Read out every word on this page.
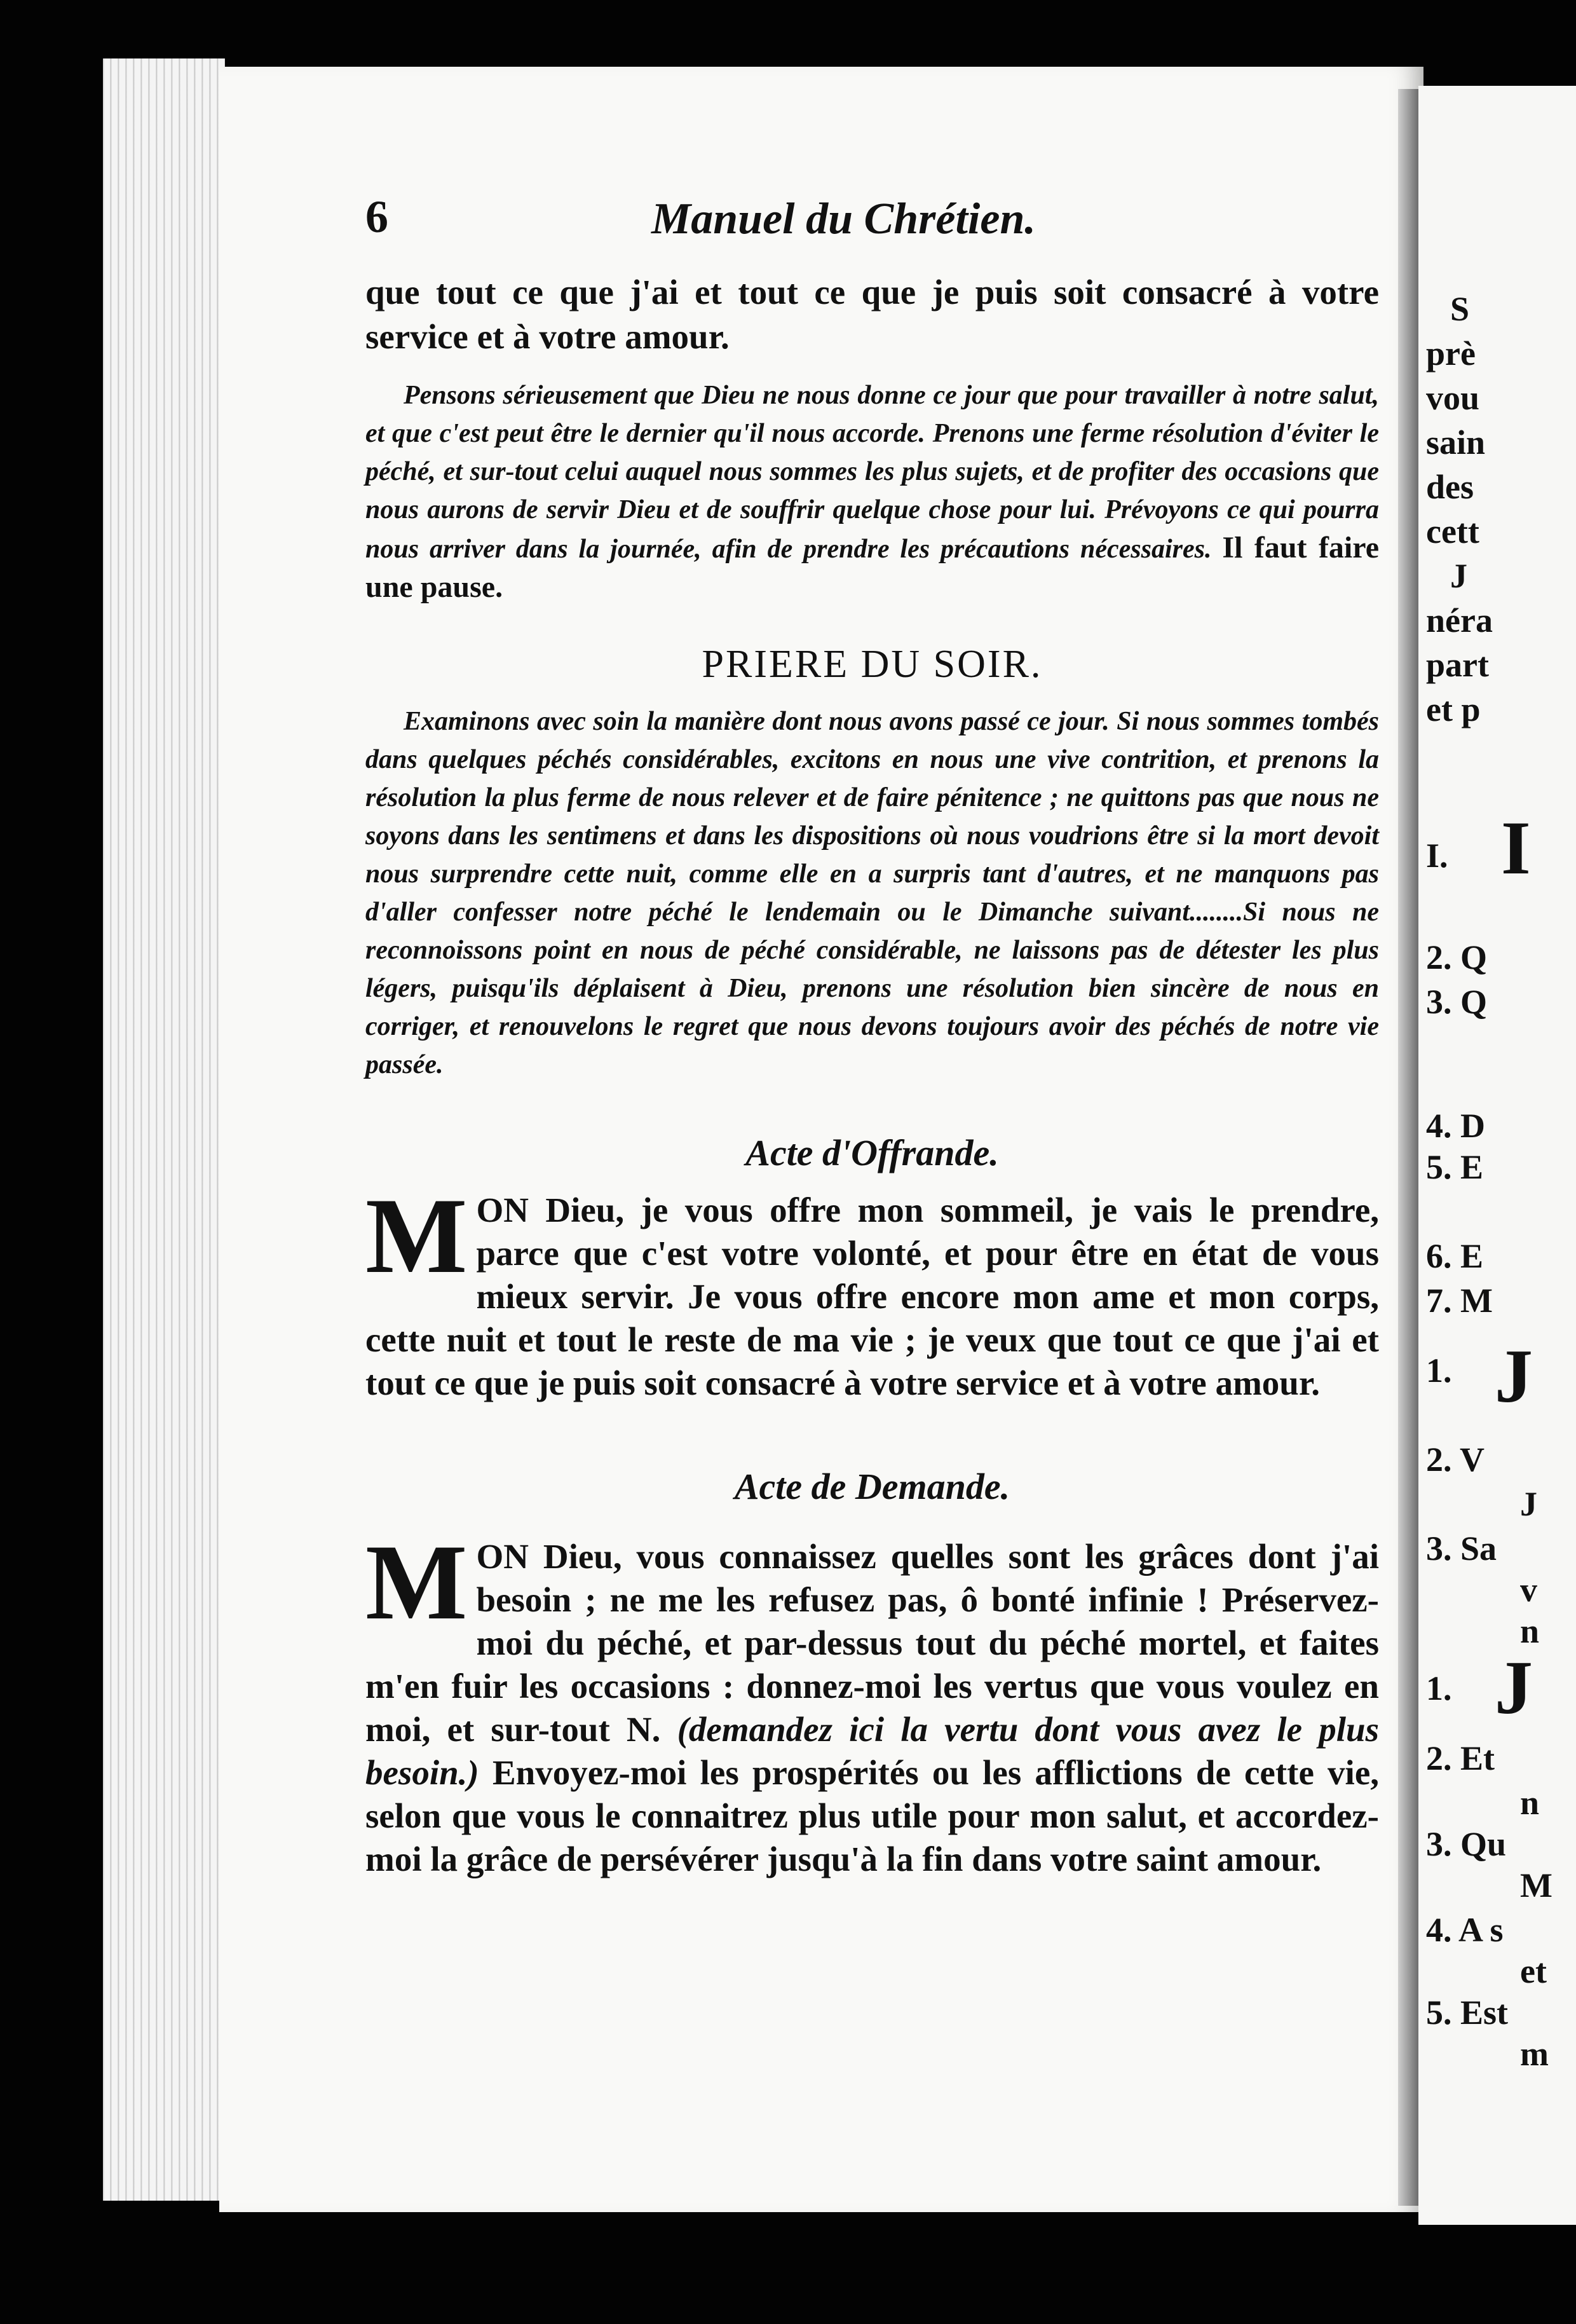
S
prè
vou
sain
des
cett
J
néra
part
et p
I
I.
2. Q
3. Q
4. D
5. E
6. E
7. M
1. J
2. V
J
3. Sa
v
n
1. J
2. Et
n
3. Qu
M
4. A s
et
5. Est
m
6	Manuel du Chrétien.

que tout ce que j'ai et tout ce que je puis soit consacré à votre service et à votre amour.

Pensons sérieusement que Dieu ne nous donne ce jour que pour travailler à notre salut, et que c'est peut être le dernier qu'il nous accorde. Prenons une ferme résolution d'éviter le péché, et sur-tout celui auquel nous sommes les plus sujets, et de profiter des occasions que nous aurons de servir Dieu et de souffrir quelque chose pour lui. Prévoyons ce qui pourra nous arriver dans la journée, afin de prendre les précautions nécessaires. Il faut faire une pause.

PRIERE DU SOIR.

Examinons avec soin la manière dont nous avons passé ce jour. Si nous sommes tombés dans quelques péchés considérables, excitons en nous une vive contrition, et prenons la résolution la plus ferme de nous relever et de faire pénitence ; ne quittons pas que nous ne soyons dans les sentimens et dans les dispositions où nous voudrions être si la mort devoit nous surprendre cette nuit, comme elle en a surpris tant d'autres, et ne manquons pas d'aller confesser notre péché le lendemain ou le Dimanche suivant........Si nous ne reconnoissons point en nous de péché considérable, ne laissons pas de détester les plus légers, puisqu'ils déplaisent à Dieu, prenons une résolution bien sincère de nous en corriger, et renouvelons le regret que nous devons toujours avoir des péchés de notre vie passée.

Acte d'Offrande.
M ON Dieu, je vous offre mon sommeil, je vais le prendre, parce que c'est votre volonté, et pour être en état de vous mieux servir. Je vous offre encore mon ame et mon corps, cette nuit et tout le reste de ma vie ; je veux que tout ce que j'ai et tout ce que je puis soit consacré à votre service et à votre amour.
Acte de Demande.
M ON Dieu, vous connaissez quelles sont les grâces dont j'ai besoin ; ne me les refusez pas, ô bonté infinie ! Préservez-moi du péché, et par-dessus tout du péché mortel, et faites m'en fuir les occasions : donnez-moi les vertus que vous voulez en moi, et sur-tout N. (demandez ici la vertu dont vous avez le plus besoin.) Envoyez-moi les prospérités ou les afflictions de cette vie, selon que vous le connaitrez plus utile pour mon salut, et accordez-moi la grâce de persévérer jusqu'à la fin dans votre saint amour.
